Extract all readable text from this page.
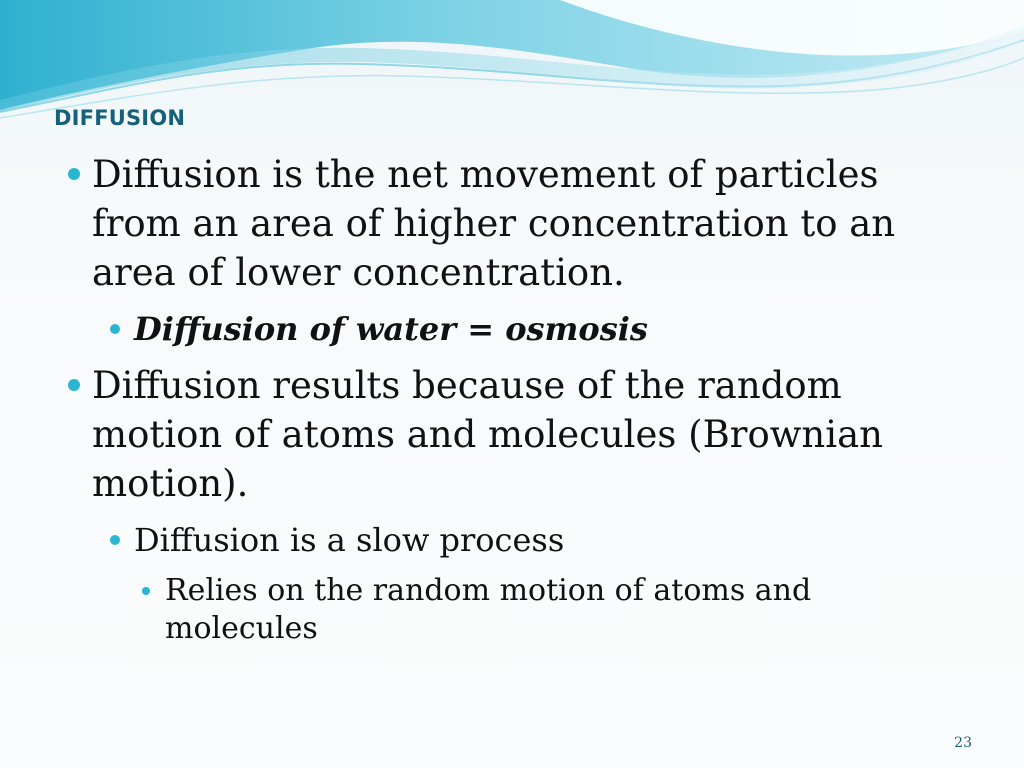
DIFFUSION
Diffusion is the net movement of particles from an area of higher concentration to an area of lower concentration.
Diffusion of water = osmosis
Diffusion results because of the random motion of atoms and molecules (Brownian motion).
Diffusion is a slow process
Relies on the random motion of atoms and molecules
23
